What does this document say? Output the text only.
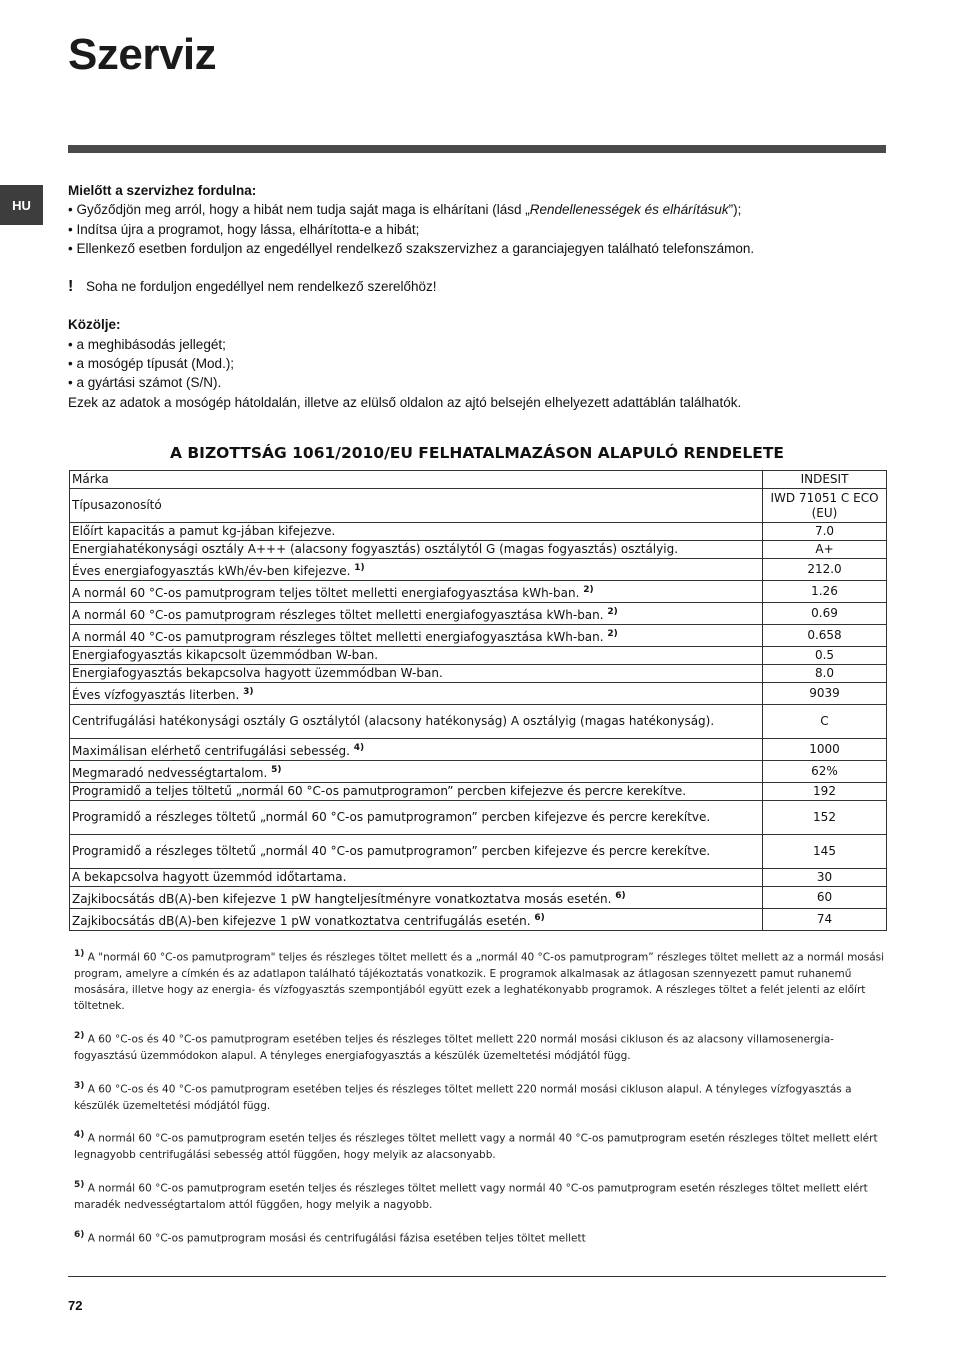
Szerviz
HU

Mielőtt a szervizhez fordulna:

• Győződjön meg arról, hogy a hibát nem tudja saját maga is elhárítani (lásd „Rendellenességek és elhárításuk”);

• Indítsa újra a programot, hogy lássa, elhárította-e a hibát;

• Ellenkező esetben forduljon az engedéllyel rendelkező szakszervizhez a garanciajegyen található telefonszámon.

! Soha ne forduljon engedéllyel nem rendelkező szerelőhöz!

Közölje:

• a meghibásodás jellegét;

• a mosógép típusát (Mod.);

• a gyártási számot (S/N).

Ezek az adatok a mosógép hátoldalán, illetve az elülső oldalon az ajtó belsején elhelyezett adattáblán találhatók.

A BIZOTTSÁG 1061/2010/EU FELHATALMAZÁSON ALAPULÓ RENDELETE
Márka	INDESIT
Típusazonosító	IWD 71051 C ECO (EU)
Előírt kapacitás a pamut kg-jában kifejezve.	7.0
Energiahatékonysági osztály A+++ (alacsony fogyasztás) osztálytól G (magas fogyasztás) osztályig.	A+
Éves energiafogyasztás kWh/év-ben kifejezve. $^{1)}$	212.0
A normál 60 °C-os pamutprogram teljes töltet melletti energiafogyasztása kWh-ban. $^{2)}$	1.26
A normál 60 °C-os pamutprogram részleges töltet melletti energiafogyasztása kWh-ban. $^{2)}$	0.69
A normál 40 °C-os pamutprogram részleges töltet melletti energiafogyasztása kWh-ban. $^{2)}$	0.658
Energiafogyasztás kikapcsolt üzemmódban W-ban.	0.5
Energiafogyasztás bekapcsolva hagyott üzemmódban W-ban.	8.0
Éves vízfogyasztás literben. $^{3)}$	9039
Centrifugálási hatékonysági osztály G osztálytól (alacsony hatékonyság) A osztályig (magas hatékonyság).	C
Maximálisan elérhető centrifugálási sebesség. $^{4)}$	1000
Megmaradó nedvességtartalom. $^{5)}$	62%
Programidő a teljes töltetű „normál 60 °C-os pamutprogramon” percben kifejezve és percre kerekítve.	192
Programidő a részleges töltetű „normál 60 °C-os pamutprogramon” percben kifejezve és percre kerekítve.	152
Programidő a részleges töltetű „normál 40 °C-os pamutprogramon” percben kifejezve és percre kerekítve.	145
A bekapcsolva hagyott üzemmód időtartama.	30
Zajkibocsátás dB(A)-ben kifejezve 1 pW hangteljesítményre vonatkoztatva mosás esetén. $^{6)}$	60
Zajkibocsátás dB(A)-ben kifejezve 1 pW vonatkoztatva centrifugálás esetén. $^{6)}$	74

$^{1)}$ A "normál 60 °C-os pamutprogram" teljes és részleges töltet mellett és a „normál 40 °C-os pamutprogram” részleges töltet mellett az a normál mosási program, amelyre a címkén és az adatlapon található tájékoztatás vonatkozik. E programok alkalmasak az átlagosan szennyezett pamut ruhanemű mosására, illetve hogy az energia- és vízfogyasztás szempontjából együtt ezek a leghatékonyabb programok. A részleges töltet a felét jelenti az előírt töltetnek.

$^{2)}$ A 60 °C-os és 40 °C-os pamutprogram esetében teljes és részleges töltet mellett 220 normál mosási cikluson és az alacsony villamosenergia-fogyasztású üzemmódokon alapul. A tényleges energiafogyasztás a készülék üzemeltetési módjától függ.

$^{3)}$ A 60 °C-os és 40 °C-os pamutprogram esetében teljes és részleges töltet mellett 220 normál mosási cikluson alapul. A tényleges vízfogyasztás a készülék üzemeltetési módjától függ.

$^{4)}$ A normál 60 °C-os pamutprogram esetén teljes és részleges töltet mellett vagy a normál 40 °C-os pamutprogram esetén részleges töltet mellett elért legnagyobb centrifugálási sebesség attól függően, hogy melyik az alacsonyabb.

$^{5)}$ A normál 60 °C-os pamutprogram esetén teljes és részleges töltet mellett vagy normál 40 °C-os pamutprogram esetén részleges töltet mellett elért maradék nedvességtartalom attól függően, hogy melyik a nagyobb.

$^{6)}$ A normál 60 °C-os pamutprogram mosási és centrifugálási fázisa esetében teljes töltet mellett

72
